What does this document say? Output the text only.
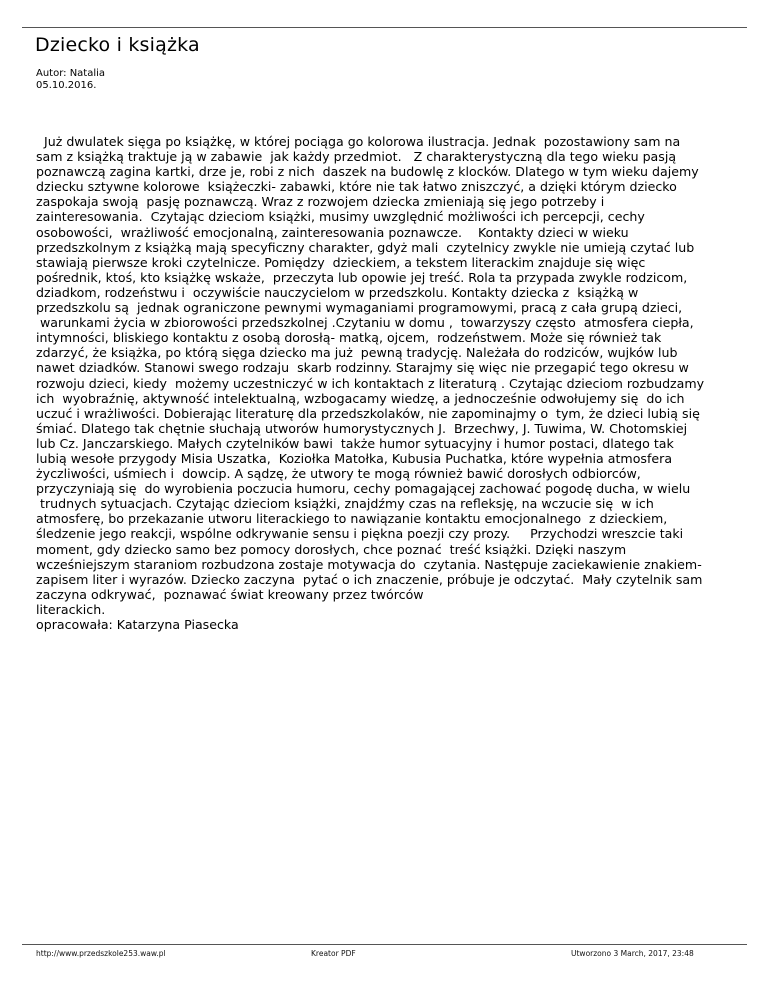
Dziecko i książka
Autor: Natalia
05.10.2016.
Już dwulatek sięga po książkę, w której pociąga go kolorowa ilustracja. Jednak  pozostawiony sam na
sam z książką traktuje ją w zabawie  jak każdy przedmiot.   Z charakterystyczną dla tego wieku pasją
poznawczą zagina kartki, drze je, robi z nich  daszek na budowlę z klocków. Dlatego w tym wieku dajemy
dziecku sztywne kolorowe  książeczki- zabawki, które nie tak łatwo zniszczyć, a dzięki którym dziecko
zaspokaja swoją  pasję poznawczą. Wraz z rozwojem dziecka zmieniają się jego potrzeby i
zainteresowania.  Czytając dzieciom książki, musimy uwzględnić możliwości ich percepcji, cechy
osobowości,  wrażliwość emocjonalną, zainteresowania poznawcze.    Kontakty dzieci w wieku
przedszkolnym z książką mają specyficzny charakter, gdyż mali  czytelnicy zwykle nie umieją czytać lub
stawiają pierwsze kroki czytelnicze. Pomiędzy  dzieckiem, a tekstem literackim znajduje się więc
pośrednik, ktoś, kto książkę wskaże,  przeczyta lub opowie jej treść. Rola ta przypada zwykle rodzicom,
dziadkom, rodzeństwu i  oczywiście nauczycielom w przedszkolu. Kontakty dziecka z  książką w
przedszkolu są  jednak ograniczone pewnymi wymaganiami programowymi, pracą z cała grupą dzieci,
warunkami życia w zbiorowości przedszkolnej .Czytaniu w domu ,  towarzyszy często  atmosfera ciepła,
intymności, bliskiego kontaktu z osobą dorosłą- matką, ojcem,  rodzeństwem. Może się również tak
zdarzyć, że książka, po którą sięga dziecko ma już  pewną tradycję. Należała do rodziców, wujków lub
nawet dziadków. Stanowi swego rodzaju  skarb rodzinny. Starajmy się więc nie przegapić tego okresu w
rozwoju dzieci, kiedy  możemy uczestniczyć w ich kontaktach z literaturą . Czytając dzieciom rozbudzamy
ich  wyobraźnię, aktywność intelektualną, wzbogacamy wiedzę, a jednocześnie odwołujemy się  do ich
uczuć i wrażliwości. Dobierając literaturę dla przedszkolaków, nie zapominajmy o  tym, że dzieci lubią się
śmiać. Dlatego tak chętnie słuchają utworów humorystycznych J.  Brzechwy, J. Tuwima, W. Chotomskiej
lub Cz. Janczarskiego. Małych czytelników bawi  także humor sytuacyjny i humor postaci, dlatego tak
lubią wesołe przygody Misia Uszatka,  Koziołka Matołka, Kubusia Puchatka, które wypełnia atmosfera
życzliwości, uśmiech i  dowcip. A sądzę, że utwory te mogą również bawić dorosłych odbiorców,
przyczyniają się  do wyrobienia poczucia humoru, cechy pomagającej zachować pogodę ducha, w wielu
trudnych sytuacjach. Czytając dzieciom książki, znajdźmy czas na refleksję, na wczucie się  w ich
atmosferę, bo przekazanie utworu literackiego to nawiązanie kontaktu emocjonalnego  z dzieckiem,
śledzenie jego reakcji, wspólne odkrywanie sensu i piękna poezji czy prozy.     Przychodzi wreszcie taki
moment, gdy dziecko samo bez pomocy dorosłych, chce poznać  treść książki. Dzięki naszym
wcześniejszym staraniom rozbudzona zostaje motywacja do  czytania. Następuje zaciekawienie znakiem-
zapisem liter i wyrazów. Dziecko zaczyna  pytać o ich znaczenie, próbuje je odczytać.  Mały czytelnik sam
zaczyna odkrywać,  poznawać świat kreowany przez twórców
literackich.
opracowała: Katarzyna Piasecka
http://www.przedszkole253.waw.pl	Kreator PDF	Utworzono 3 March, 2017, 23:48
